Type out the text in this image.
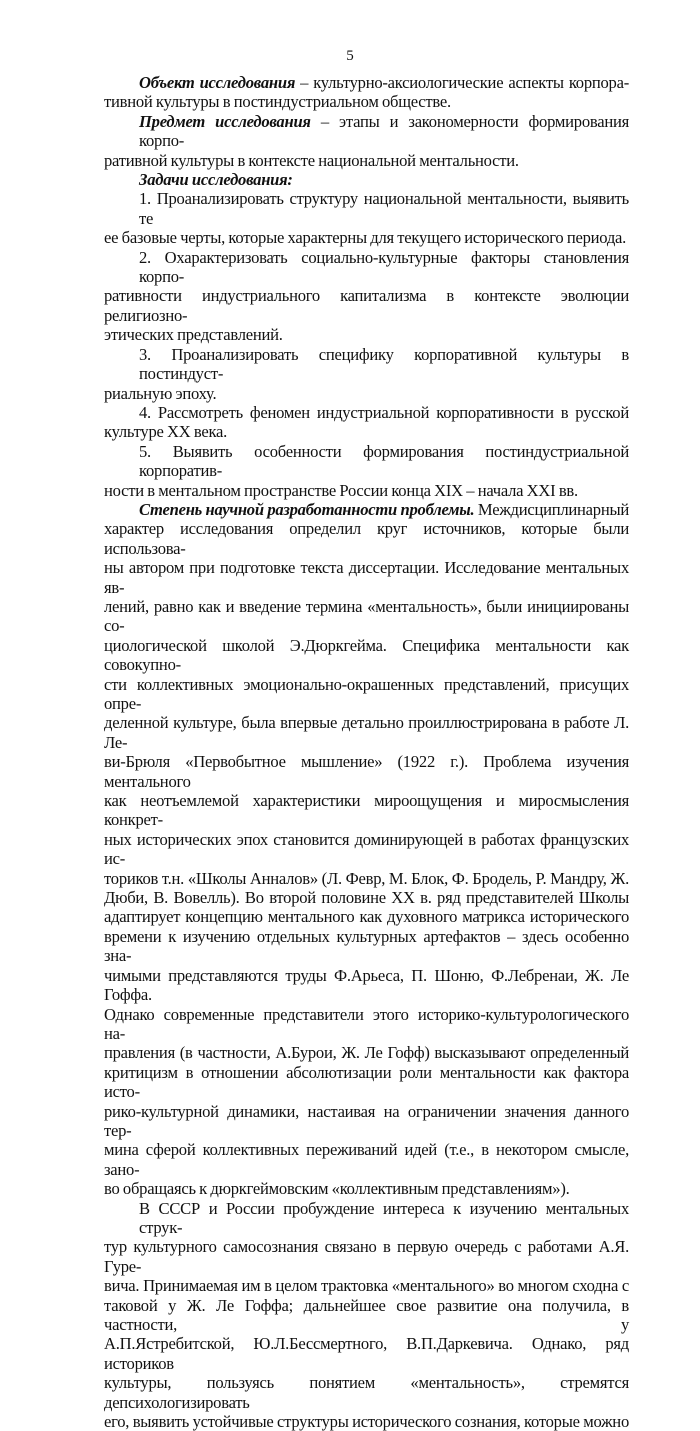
5
Объект исследования – культурно-аксиологические аспекты корпора-
тивной культуры в постиндустриальном обществе.
Предмет исследования – этапы и закономерности формирования корпо-
ративной культуры в контексте национальной ментальности.
Задачи исследования:
1. Проанализировать структуру национальной ментальности, выявить те
ее базовые черты, которые характерны для текущего исторического периода.
2. Охарактеризовать социально-культурные факторы становления корпо-
ративности индустриального капитализма в контексте эволюции религиозно-
этических представлений.
3. Проанализировать специфику корпоративной культуры в постиндуст-
риальную эпоху.
4. Рассмотреть феномен индустриальной корпоративности в русской
культуре XX века.
5. Выявить особенности формирования постиндустриальной корпоратив-
ности в ментальном пространстве России конца XIX – начала XXI вв.
Степень научной разработанности проблемы. Междисциплинарный
характер исследования определил круг источников, которые были использова-
ны автором при подготовке текста диссертации. Исследование ментальных яв-
лений, равно как и введение термина «ментальность», были инициированы со-
циологической школой Э.Дюркгейма. Специфика ментальности как совокупно-
сти коллективных эмоционально-окрашенных представлений, присущих опре-
деленной культуре, была впервые детально проиллюстрирована в работе Л. Ле-
ви-Брюля «Первобытное мышление» (1922 г.). Проблема изучения ментального
как неотъемлемой характеристики мироощущения и миросмысления конкрет-
ных исторических эпох становится доминирующей в работах французских ис-
ториков т.н. «Школы Анналов» (Л. Февр, М. Блок, Ф. Бродель, Р. Мандру, Ж.
Дюби, В. Вовелль). Во второй половине XX в. ряд представителей Школы
адаптирует концепцию ментального как духовного матрикса исторического
времени к изучению отдельных культурных артефактов – здесь особенно зна-
чимыми представляются труды Ф.Арьеса, П. Шоню, Ф.Лебренаи, Ж. Ле Гоффа.
Однако современные представители этого историко-культурологического на-
правления (в частности, А.Бурои, Ж. Ле Гофф) высказывают определенный
критицизм в отношении абсолютизации роли ментальности как фактора исто-
рико-культурной динамики, настаивая на ограничении значения данного тер-
мина сферой коллективных переживаний идей (т.е., в некотором смысле, зано-
во обращаясь к дюркгеймовским «коллективным представлениям»).
В СССР и России пробуждение интереса к изучению ментальных струк-
тур культурного самосознания связано в первую очередь с работами А.Я. Гуре-
вича. Принимаемая им в целом трактовка «ментального» во многом сходна с
таковой у Ж. Ле Гоффа; дальнейшее свое развитие она получила, в частности, у
А.П.Ястребитской, Ю.Л.Бессмертного, В.П.Даркевича. Однако, ряд историков
культуры, пользуясь понятием «ментальность», стремятся депсихологизировать
его, выявить устойчивые структуры исторического сознания, которые можно
